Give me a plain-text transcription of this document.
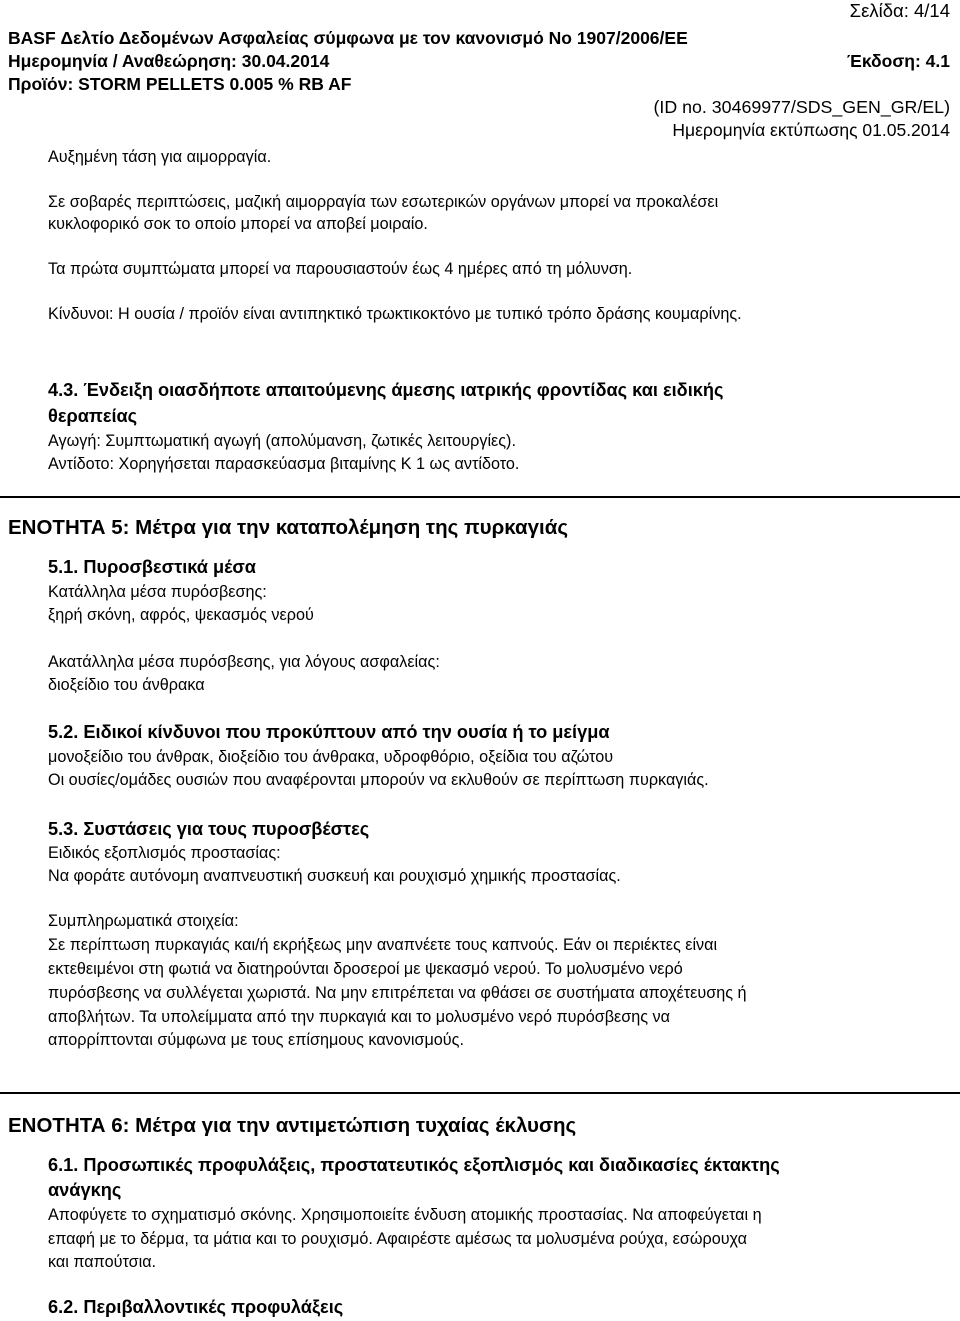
Σελίδα: 4/14
BASF Δελτίο Δεδομένων Ασφαλείας σύμφωνα με τον κανονισμό Νο 1907/2006/ΕΕ
Ημερομηνία / Αναθεώρηση: 30.04.2014	Έκδοση: 4.1
Προϊόν: STORM PELLETS 0.005 % RB AF
(ID no. 30469977/SDS_GEN_GR/EL)
Ημερομηνία εκτύπωσης 01.05.2014
Αυξημένη τάση για αιμορραγία.
Σε σοβαρές περιπτώσεις, μαζική αιμορραγία των εσωτερικών οργάνων μπορεί να προκαλέσει
κυκλοφορικό σοκ το οποίο μπορεί να αποβεί μοιραίο.
Τα πρώτα συμπτώματα μπορεί να παρουσιαστούν έως 4 ημέρες από τη μόλυνση.
Κίνδυνοι: Η ουσία / προϊόν είναι αντιπηκτικό τρωκτικοκτόνο με τυπικό τρόπο δράσης κουμαρίνης.
4.3. Ένδειξη οιασδήποτε απαιτούμενης άμεσης ιατρικής φροντίδας και ειδικής
θεραπείας
Αγωγή: Συμπτωματική αγωγή (απολύμανση, ζωτικές λειτουργίες).
Αντίδοτο: Χορηγήσεται παρασκεύασμα βιταμίνης Κ 1 ως αντίδοτο.
ΕΝΟΤΗΤΑ 5: Μέτρα για την καταπολέμηση της πυρκαγιάς
5.1. Πυροσβεστικά μέσα
Κατάλληλα μέσα πυρόσβεσης:
ξηρή σκόνη, αφρός, ψεκασμός νερού
Ακατάλληλα μέσα πυρόσβεσης, για λόγους ασφαλείας:
διοξείδιο του άνθρακα
5.2. Ειδικοί κίνδυνοι που προκύπτουν από την ουσία ή το μείγμα
μονοξείδιο του άνθρακ, διοξείδιο του άνθρακα, υδροφθόριο, οξείδια του αζώτου
Οι ουσίες/ομάδες ουσιών που αναφέρονται μπορούν να εκλυθούν σε περίπτωση πυρκαγιάς.
5.3. Συστάσεις για τους πυροσβέστες
Ειδικός εξοπλισμός προστασίας:
Να φοράτε αυτόνομη αναπνευστική συσκευή και ρουχισμό χημικής προστασίας.
Συμπληρωματικά στοιχεία:
Σε περίπτωση πυρκαγιάς και/ή εκρήξεως μην αναπνέετε τους καπνούς. Εάν οι περιέκτες είναι
εκτεθειμένοι στη φωτιά να διατηρούνται δροσεροί με ψεκασμό νερού. Το μολυσμένο νερό
πυρόσβεσης να συλλέγεται χωριστά. Να μην επιτρέπεται να φθάσει σε συστήματα αποχέτευσης ή
αποβλήτων. Τα υπολείμματα από την πυρκαγιά και το μολυσμένο νερό πυρόσβεσης να
απορρίπτονται σύμφωνα με τους επίσημους κανονισμούς.
ΕΝΟΤΗΤΑ 6: Μέτρα για την αντιμετώπιση τυχαίας έκλυσης
6.1. Προσωπικές προφυλάξεις, προστατευτικός εξοπλισμός και διαδικασίες έκτακτης
ανάγκης
Αποφύγετε το σχηματισμό σκόνης. Χρησιμοποιείτε ένδυση ατομικής προστασίας. Να αποφεύγεται η
επαφή με το δέρμα, τα μάτια και το ρουχισμό. Αφαιρέστε αμέσως τα μολυσμένα ρούχα, εσώρουχα
και παπούτσια.
6.2. Περιβαλλοντικές προφυλάξεις
